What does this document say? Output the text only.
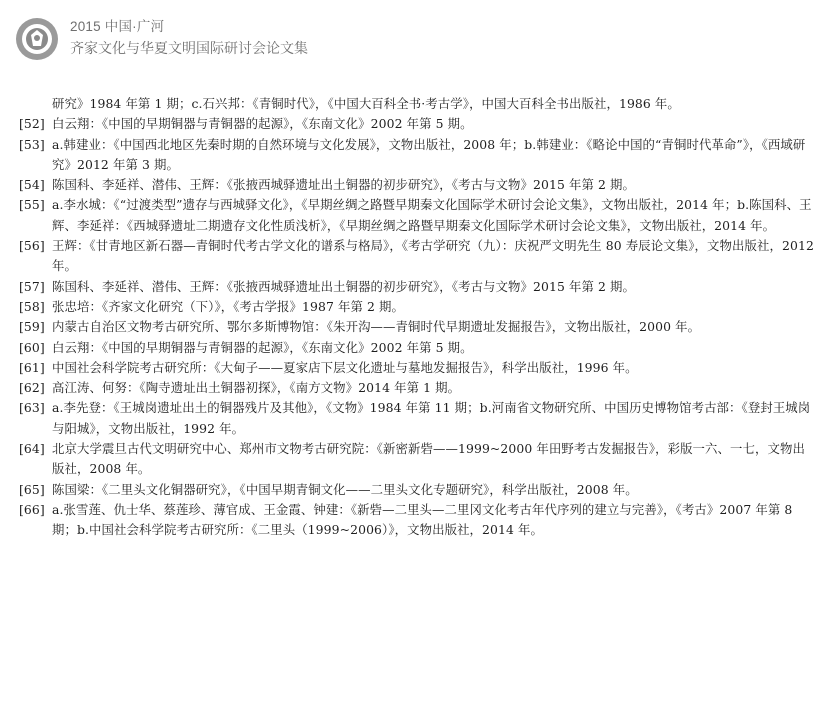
2015 中国·广河
齐家文化与华夏文明国际研讨会论文集
研究》1984 年第 1 期；c.石兴邦：《青铜时代》，《中国大百科全书·考古学》，中国大百科全书出版社，1986 年。
[52] 白云翔：《中国的早期铜器与青铜器的起源》，《东南文化》2002 年第 5 期。
[53] a.韩建业：《中国西北地区先秦时期的自然环境与文化发展》，文物出版社，2008 年；b.韩建业：《略论中国的“青铜时代革命”》，《西域研究》2012 年第 3 期。
[54] 陈国科、李延祥、潜伟、王辉：《张掖西城驿遗址出土铜器的初步研究》，《考古与文物》2015 年第 2 期。
[55] a.李水城：《“过渡类型”遗存与西城驿文化》，《早期丝绸之路暨早期秦文化国际学术研讨会论文集》，文物出版社，2014 年；b.陈国科、王辉、李延祥：《西城驿遗址二期遗存文化性质浅析》，《早期丝绸之路暨早期秦文化国际学术研讨会论文集》，文物出版社，2014 年。
[56] 王辉：《甘青地区新石器—青铜时代考古学文化的谱系与格局》，《考古学研究（九）：庆祝严文明先生 80 寿辰论文集》，文物出版社，2012 年。
[57] 陈国科、李延祥、潜伟、王辉：《张掖西城驿遗址出土铜器的初步研究》，《考古与文物》2015 年第 2 期。
[58] 张忠培：《齐家文化研究（下）》，《考古学报》1987 年第 2 期。
[59] 内蒙古自治区文物考古研究所、鄂尔多斯博物馆：《朱开沟——青铜时代早期遗址发掘报告》，文物出版社，2000 年。
[60] 白云翔：《中国的早期铜器与青铜器的起源》，《东南文化》2002 年第 5 期。
[61] 中国社会科学院考古研究所：《大甸子——夏家店下层文化遗址与墓地发掘报告》，科学出版社，1996 年。
[62] 高江涛、何努：《陶寺遗址出土铜器初探》，《南方文物》2014 年第 1 期。
[63] a.李先登：《王城岗遗址出土的铜器残片及其他》，《文物》1984 年第 11 期；b.河南省文物研究所、中国历史博物馆考古部：《登封王城岗与阳城》，文物出版社，1992 年。
[64] 北京大学震旦古代文明研究中心、郑州市文物考古研究院：《新密新砦——1999~2000 年田野考古发掘报告》，彩版一六、一七，文物出版社，2008 年。
[65] 陈国梁：《二里头文化铜器研究》，《中国早期青铜文化——二里头文化专题研究》，科学出版社，2008 年。
[66] a.张雪莲、仇士华、蔡莲珍、薄官成、王金霞、钟建：《新砦—二里头—二里冈文化考古年代序列的建立与完善》，《考古》2007 年第 8 期；b.中国社会科学院考古研究所：《二里头（1999~2006）》，文物出版社，2014 年。
